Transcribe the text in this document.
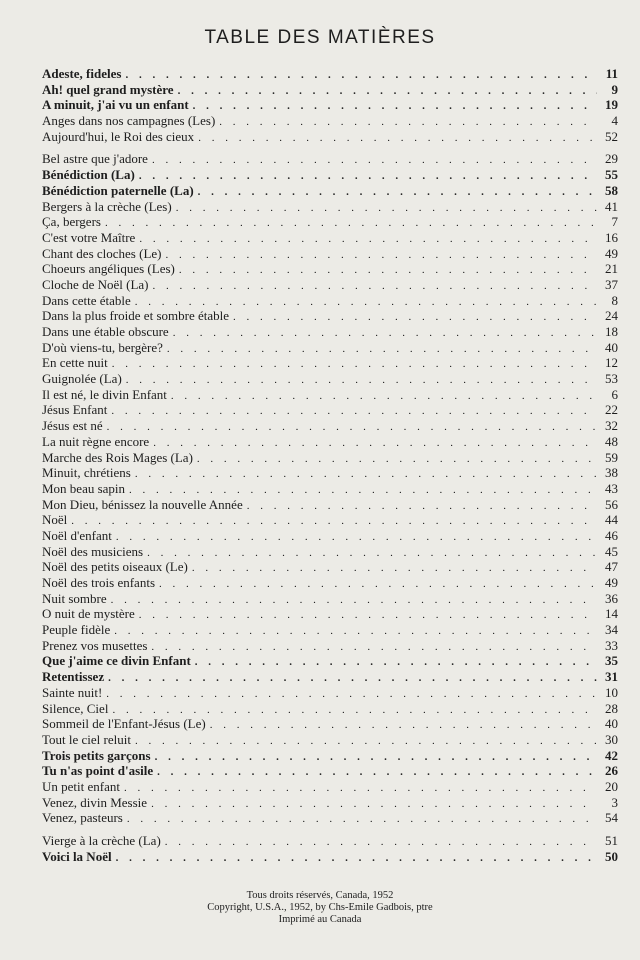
TABLE DES MATIÈRES
Adeste, fideles . . .	11
Ah! quel grand mystère . . .	9
A minuit, j'ai vu un enfant . . .	19
Anges dans nos campagnes (Les) . . .	4
Aujourd'hui, le Roi des cieux . . .	52
Bel astre que j'adore . . .	29
Bénédiction (La) . . .	55
Bénédiction paternelle (La) . . .	58
Bergers à la crèche (Les) . . .	41
Ça, bergers . . .	7
C'est votre Maître . . .	16
Chant des cloches (Le) . . .	49
Choeurs angéliques (Les) . . .	21
Cloche de Noël (La) . . .	37
Dans cette étable . . .	8
Dans la plus froide et sombre étable . . .	24
Dans une étable obscure . . .	18
D'où viens-tu, bergère? . . .	40
En cette nuit . . .	12
Guignolée (La) . . .	53
Il est né, le divin Enfant . . .	6
Jésus Enfant . . .	22
Jésus est né . . .	32
La nuit règne encore . . .	48
Marche des Rois Mages (La) . . .	59
Minuit, chrétiens . . .	38
Mon beau sapin . . .	43
Mon Dieu, bénissez la nouvelle Année . . .	56
Noël . . .	44
Noël d'enfant . . .	46
Noël des musiciens . . .	45
Noël des petits oiseaux (Le) . . .	47
Noël des trois enfants . . .	49
Nuit sombre . . .	36
O nuit de mystère . . .	14
Peuple fidèle . . .	34
Prenez vos musettes . . .	33
Que j'aime ce divin Enfant . . .	35
Retentissez . . .	31
Sainte nuit! . . .	10
Silence, Ciel . . .	28
Sommeil de l'Enfant-Jésus (Le) . . .	40
Tout le ciel reluit . . .	30
Trois petits garçons . . .	42
Tu n'as point d'asile . . .	26
Un petit enfant . . .	20
Venez, divin Messie . . .	3
Venez, pasteurs . . .	54
Vierge à la crèche (La) . . .	51
Voici la Noël . . .	50
Tous droits réservés, Canada, 1952
Copyright, U.S.A., 1952, by Chs-Emile Gadbois, ptre
Imprimé au Canada
